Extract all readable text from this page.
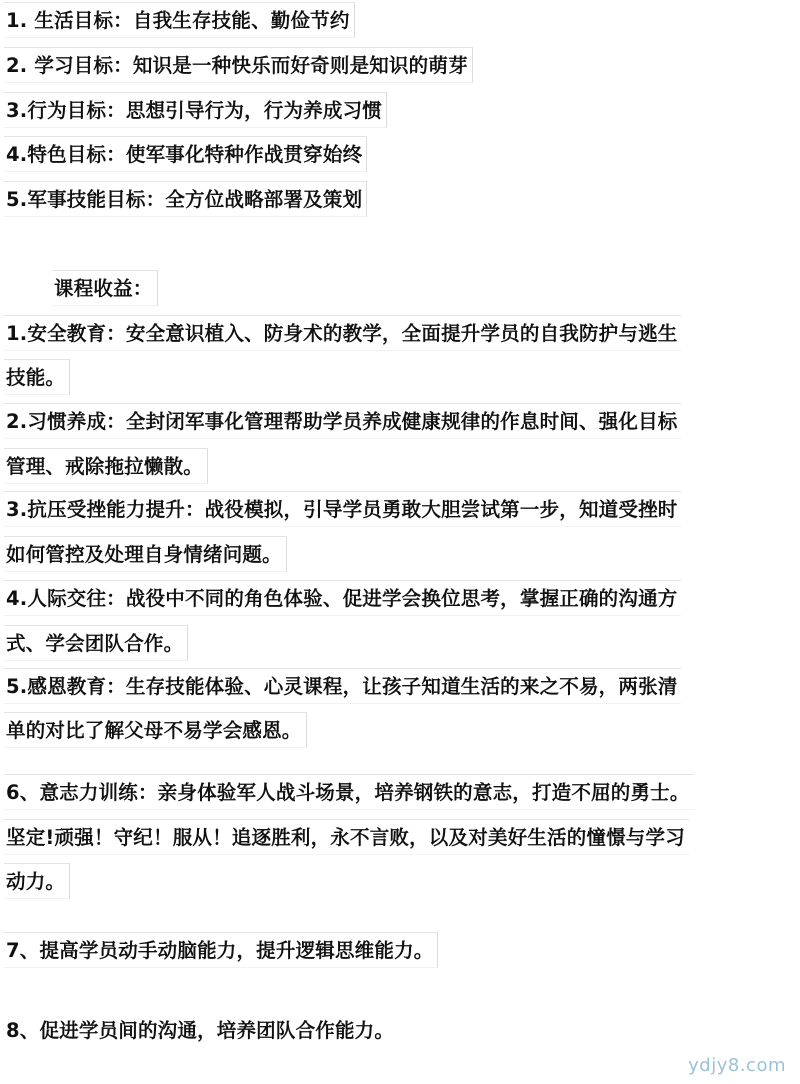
1. 生活目标：自我生存技能、勤俭节约
2. 学习目标：知识是一种快乐而好奇则是知识的萌芽
3.行为目标：思想引导行为，行为养成习惯
4.特色目标：使军事化特种作战贯穿始终
5.军事技能目标：全方位战略部署及策划
课程收益：
1.安全教育：安全意识植入、防身术的教学，全面提升学员的自我防护与逃生
技能。
2.习惯养成：全封闭军事化管理帮助学员养成健康规律的作息时间、强化目标
管理、戒除拖拉懒散。
3.抗压受挫能力提升：战役模拟，引导学员勇敢大胆尝试第一步，知道受挫时
如何管控及处理自身情绪问题。
4.人际交往：战役中不同的角色体验、促进学会换位思考，掌握正确的沟通方
式、学会团队合作。
5.感恩教育：生存技能体验、心灵课程，让孩子知道生活的来之不易，两张清
单的对比了解父母不易学会感恩。
6、意志力训练：亲身体验军人战斗场景，培养钢铁的意志，打造不屈的勇士。
坚定!顽强！守纪！服从！追逐胜利，永不言败，以及对美好生活的憧憬与学习
动力。
7、提高学员动手动脑能力，提升逻辑思维能力。
8、促进学员间的沟通，培养团队合作能力。
ydjy8.com
